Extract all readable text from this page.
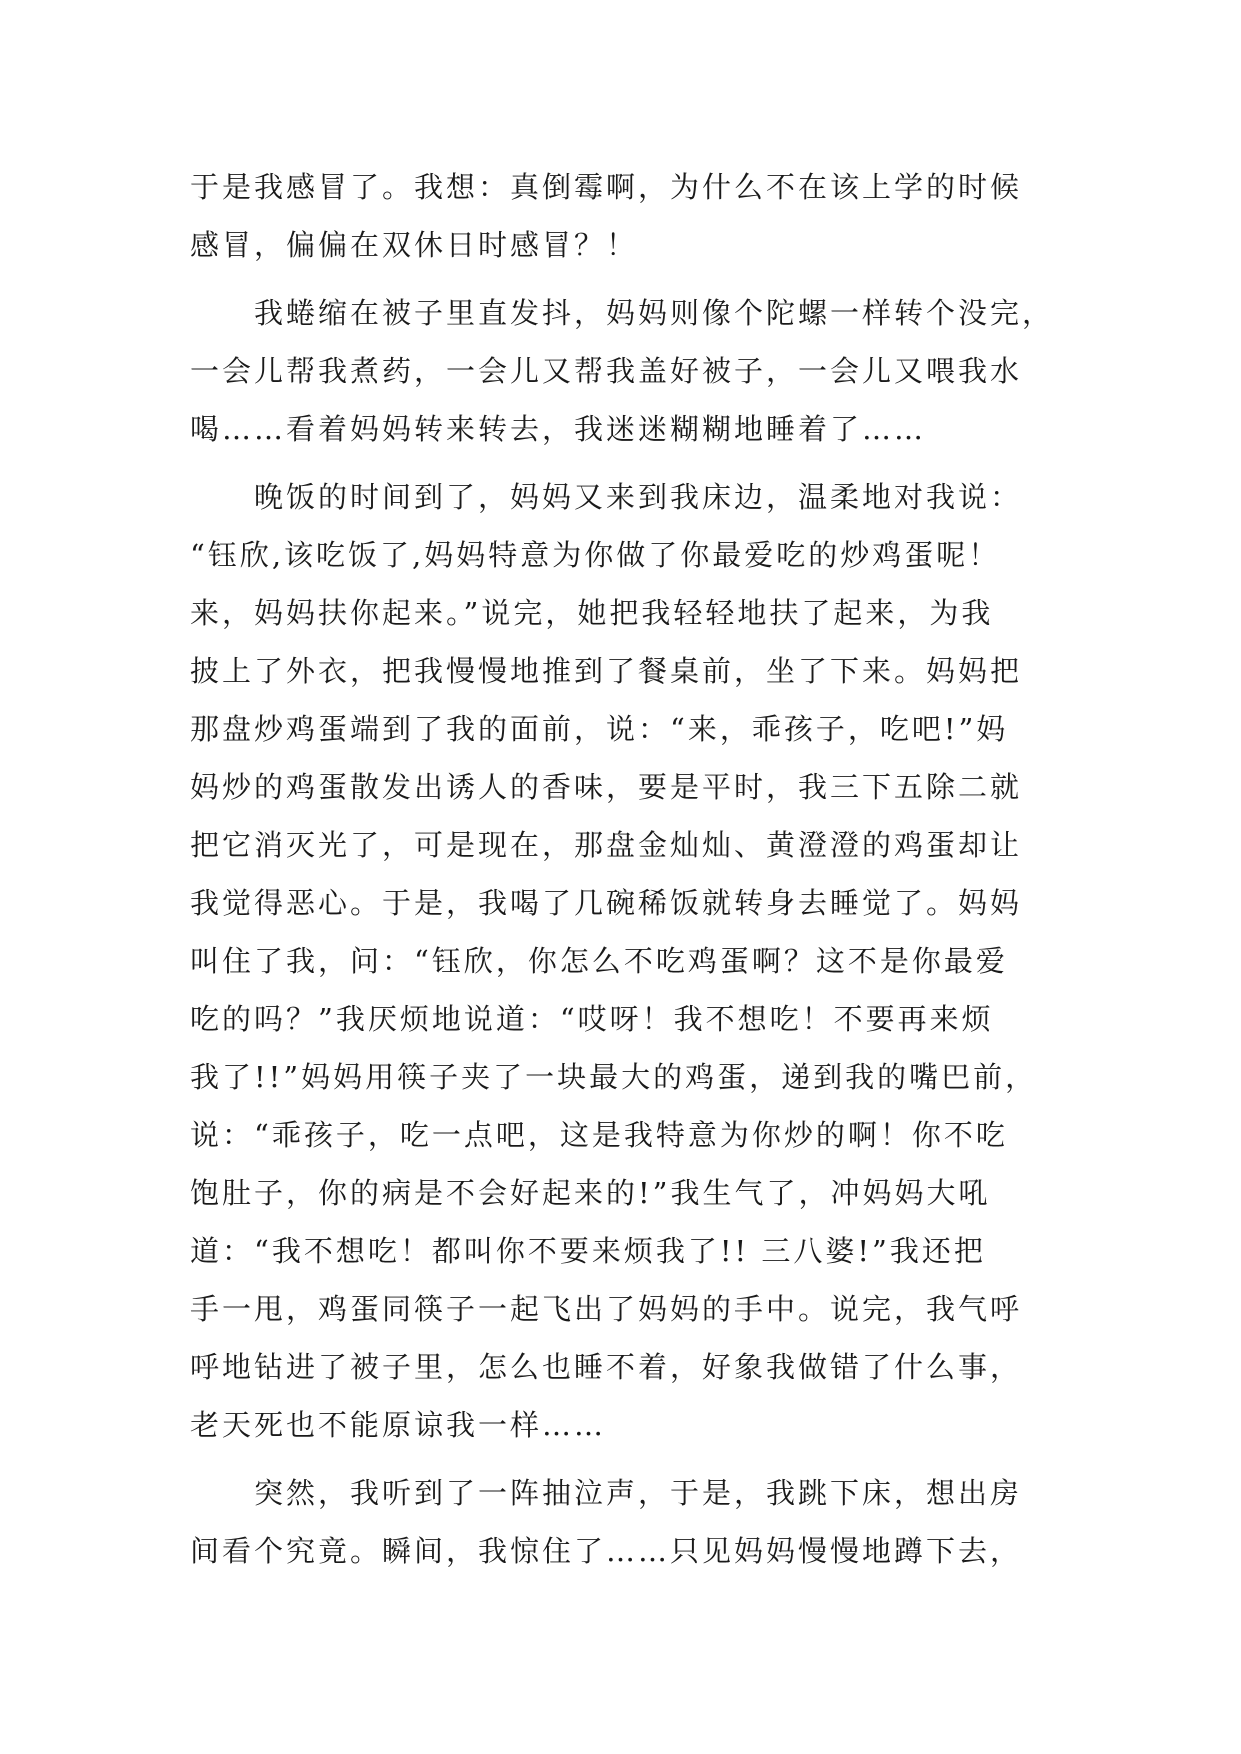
于是我感冒了。我想：真倒霉啊，为什么不在该上学的时候
感冒，偏偏在双休日时感冒？！
　　我蜷缩在被子里直发抖，妈妈则像个陀螺一样转个没完，
一会儿帮我煮药，一会儿又帮我盖好被子，一会儿又喂我水
喝……看着妈妈转来转去，我迷迷糊糊地睡着了……
　　晚饭的时间到了，妈妈又来到我床边，温柔地对我说：
“钰欣,该吃饭了,妈妈特意为你做了你最爱吃的炒鸡蛋呢！
来，妈妈扶你起来。”说完，她把我轻轻地扶了起来，为我
披上了外衣，把我慢慢地推到了餐桌前，坐了下来。妈妈把
那盘炒鸡蛋端到了我的面前，说：“来，乖孩子，吃吧!”妈
妈炒的鸡蛋散发出诱人的香味，要是平时，我三下五除二就
把它消灭光了，可是现在，那盘金灿灿、黄澄澄的鸡蛋却让
我觉得恶心。于是，我喝了几碗稀饭就转身去睡觉了。妈妈
叫住了我，问：“钰欣，你怎么不吃鸡蛋啊？这不是你最爱
吃的吗？”我厌烦地说道：“哎呀！我不想吃！不要再来烦
我了!!”妈妈用筷子夹了一块最大的鸡蛋，递到我的嘴巴前，
说：“乖孩子，吃一点吧，这是我特意为你炒的啊！你不吃
饱肚子，你的病是不会好起来的!”我生气了，冲妈妈大吼
道：“我不想吃！都叫你不要来烦我了!! 三八婆!”我还把
手一甩，鸡蛋同筷子一起飞出了妈妈的手中。说完，我气呼
呼地钻进了被子里，怎么也睡不着，好象我做错了什么事，
老天死也不能原谅我一样……
　　突然，我听到了一阵抽泣声，于是，我跳下床，想出房
间看个究竟。瞬间，我惊住了……只见妈妈慢慢地蹲下去，
